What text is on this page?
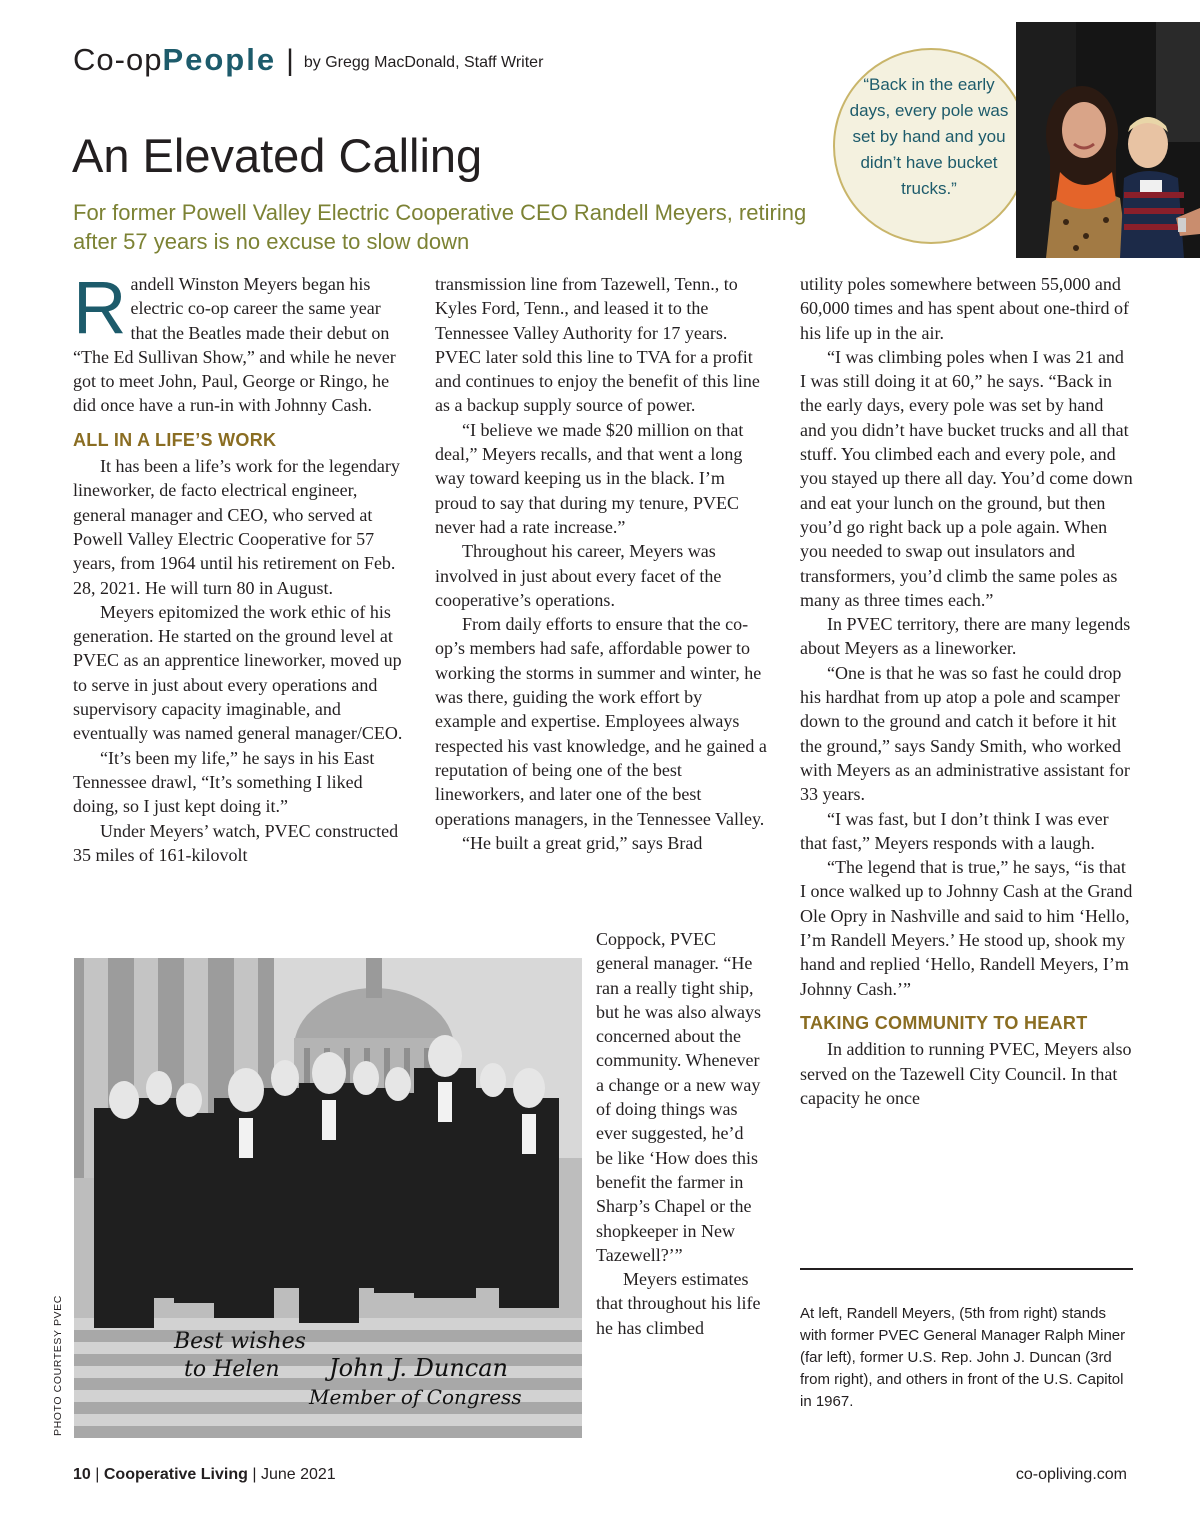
Co-opPeople | by Gregg MacDonald, Staff Writer
An Elevated Calling
For former Powell Valley Electric Cooperative CEO Randell Meyers, retiring after 57 years is no excuse to slow down
“Back in the early days, every pole was set by hand and you didn’t have bucket trucks.”
R andell Winston Meyers began his electric co-op career the same year that the Beatles made their debut on “The Ed Sullivan Show,” and while he never got to meet John, Paul, George or Ringo, he did once have a run-in with Johnny Cash.

ALL IN A LIFE’S WORK

It has been a life’s work for the legendary lineworker, de facto electrical engineer, general manager and CEO, who served at Powell Valley Electric Cooperative for 57 years, from 1964 until his retirement on Feb. 28, 2021. He will turn 80 in August.

Meyers epitomized the work ethic of his generation. He started on the ground level at PVEC as an apprentice lineworker, moved up to serve in just about every operations and supervisory capacity imaginable, and eventually was named general manager/CEO.

“It’s been my life,” he says in his East Tennessee drawl, “It’s something I liked doing, so I just kept doing it.”

Under Meyers’ watch, PVEC constructed 35 miles of 161-kilovolt

transmission line from Tazewell, Tenn., to Kyles Ford, Tenn., and leased it to the Tennessee Valley Authority for 17 years. PVEC later sold this line to TVA for a profit and continues to enjoy the benefit of this line as a backup supply source of power.

“I believe we made $20 million on that deal,” Meyers recalls, and that went a long way toward keeping us in the black. I’m proud to say that during my tenure, PVEC never had a rate increase.”

Throughout his career, Meyers was involved in just about every facet of the cooperative’s operations.

From daily efforts to ensure that the co-op’s members had safe, affordable power to working the storms in summer and winter, he was there, guiding the work effort by example and expertise. Employees always respected his vast knowledge, and he gained a reputation of being one of the best lineworkers, and later one of the best operations managers, in the Tennessee Valley.

“He built a great grid,” says Brad

Coppock, PVEC general manager. “He ran a really tight ship, but he was also always concerned about the community. Whenever a change or a new way of doing things was ever suggested, he’d be like ‘How does this benefit the farmer in Sharp’s Chapel or the shopkeeper in New Tazewell?’”

Meyers estimates that throughout his life he has climbed

utility poles somewhere between 55,000 and 60,000 times and has spent about one-third of his life up in the air.

“I was climbing poles when I was 21 and I was still doing it at 60,” he says. “Back in the early days, every pole was set by hand and you didn’t have bucket trucks and all that stuff. You climbed each and every pole, and you stayed up there all day. You’d come down and eat your lunch on the ground, but then you’d go right back up a pole again. When you needed to swap out insulators and transformers, you’d climb the same poles as many as three times each.”

In PVEC territory, there are many legends about Meyers as a lineworker.

“One is that he was so fast he could drop his hardhat from up atop a pole and scamper down to the ground and catch it before it hit the ground,” says Sandy Smith, who worked with Meyers as an administrative assistant for 33 years.

“I was fast, but I don’t think I was ever that fast,” Meyers responds with a laugh.

“The legend that is true,” he says, “is that I once walked up to Johnny Cash at the Grand Ole Opry in Nashville and said to him ‘Hello, I’m Randell Meyers.’ He stood up, shook my hand and replied ‘Hello, Randell Meyers, I’m Johnny Cash.’”

TAKING COMMUNITY TO HEART

In addition to running PVEC, Meyers also served on the Tazewell City Council. In that capacity he once

Best wishes
to Helen John J. Duncan
Member of Congress
PHOTO COURTESY PVEC	At left, Randell Meyers, (5th from right) stands with former PVEC General Manager Ralph Miner (far left), former U.S. Rep. John J. Duncan (3rd from right), and others in front of the U.S. Capitol in 1967.
10 | Cooperative Living | June 2021	co-opliving.com
